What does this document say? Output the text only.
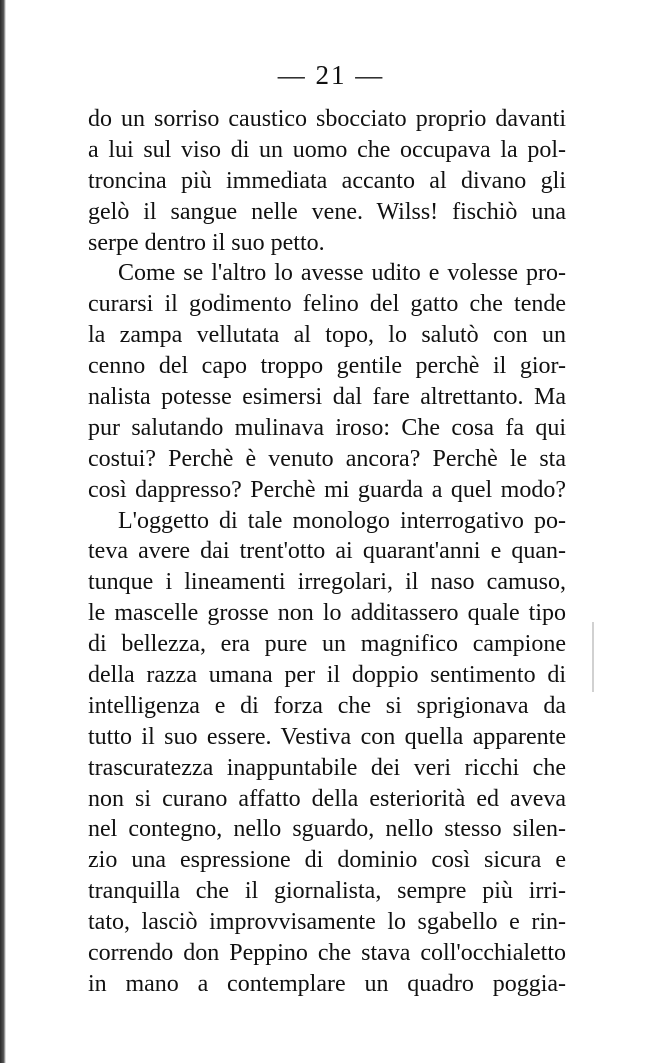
— 21 —
do un sorriso caustico sbocciato proprio davanti
a lui sul viso di un uomo che occupava la pol-
troncina più immediata accanto al divano gli
gelò il sangue nelle vene. Wilss! fischiò una
serpe dentro il suo petto.
Come se l'altro lo avesse udito e volesse pro-
curarsi il godimento felino del gatto che tende
la zampa vellutata al topo, lo salutò con un
cenno del capo troppo gentile perchè il gior-
nalista potesse esimersi dal fare altrettanto. Ma
pur salutando mulinava iroso: Che cosa fa qui
costui? Perchè è venuto ancora? Perchè le sta
così dappresso? Perchè mi guarda a quel modo?
L'oggetto di tale monologo interrogativo po-
teva avere dai trent'otto ai quarant'anni e quan-
tunque i lineamenti irregolari, il naso camuso,
le mascelle grosse non lo additassero quale tipo
di bellezza, era pure un magnifico campione
della razza umana per il doppio sentimento di
intelligenza e di forza che si sprigionava da
tutto il suo essere. Vestiva con quella apparente
trascuratezza inappuntabile dei veri ricchi che
non si curano affatto della esteriorità ed aveva
nel contegno, nello sguardo, nello stesso silen-
zio una espressione di dominio così sicura e
tranquilla che il giornalista, sempre più irri-
tato, lasciò improvvisamente lo sgabello e rin-
correndo don Peppino che stava coll'occhialetto
in mano a contemplare un quadro poggia-
